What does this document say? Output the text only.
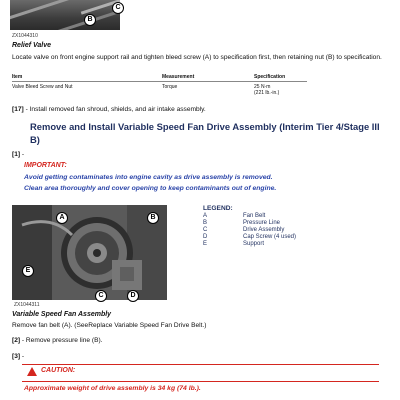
B
C
ZX1044310
Relief Valve
Locate valve on front engine support rail and tighten bleed screw (A) to specification first, then retaining nut (B) to specification.
Item	Measurement	Specification
Valve Bleed Screw and Nut	Torque	25 N·m
(221 lb.-in.)
[17] - Install removed fan shroud, shields, and air intake assembly.
Remove and Install Variable Speed Fan Drive Assembly (Interim Tier 4/Stage III B)
[1] -
IMPORTANT:
Avoid getting contaminates into engine cavity as drive assembly is removed.
Clean area thoroughly and cover opening to keep contaminants out of engine.
A	B
E
C	D
ZX1044311
LEGEND:
A	Fan Belt
B	Pressure Line
C	Drive Assembly
D	Cap Screw (4 used)
E	Support
Variable Speed Fan Assembly
Remove fan belt (A). (SeeReplace Variable Speed Fan Drive Belt.)
[2] - Remove pressure line (B).
[3] -
CAUTION:
Approximate weight of drive assembly is 34 kg (74 lb.).
